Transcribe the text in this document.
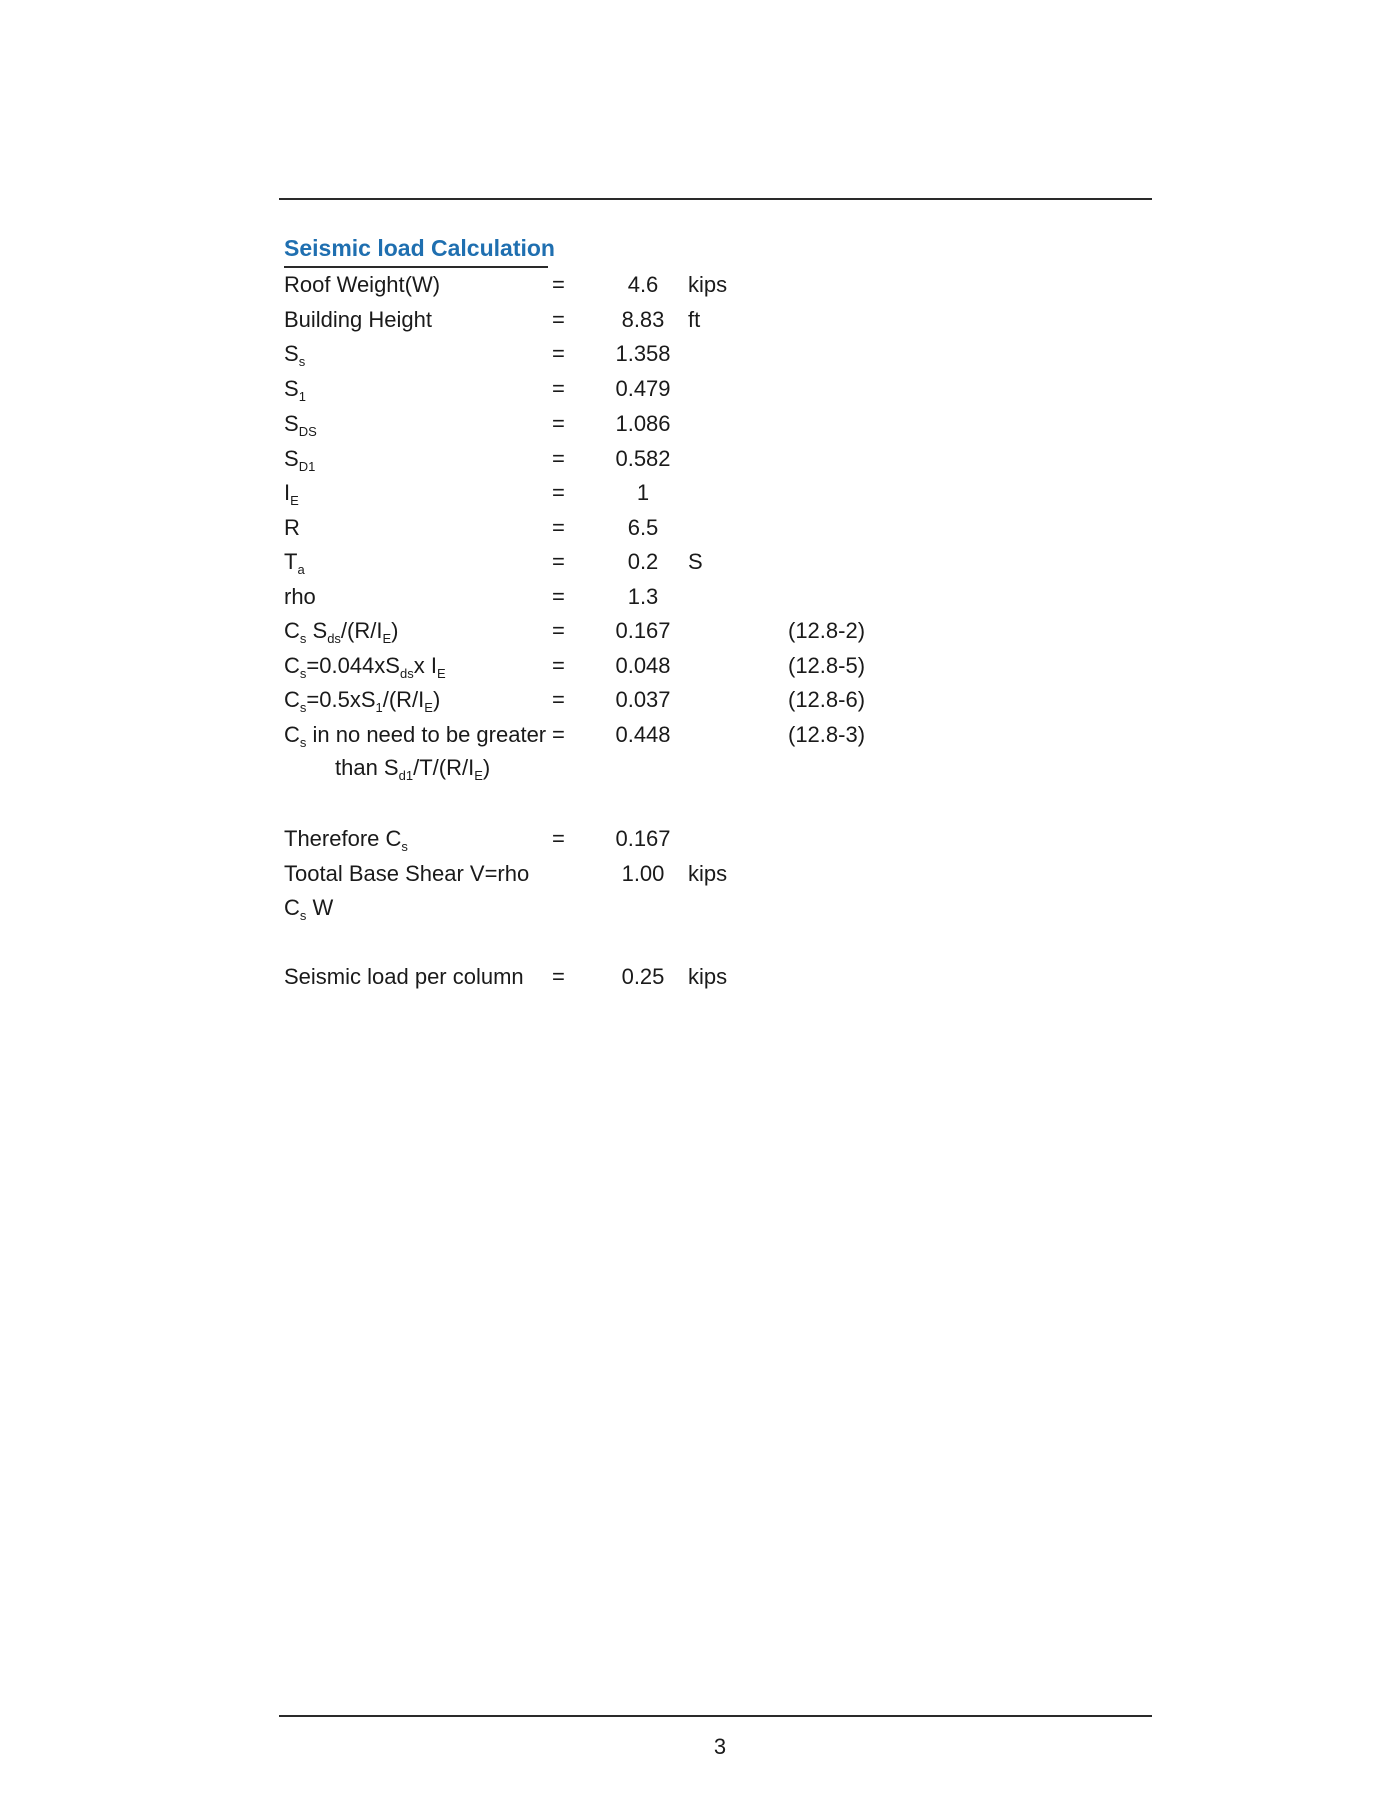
Seismic load Calculation
Roof Weight(W)	=	4.6	kips
Building Height	=	8.83	ft
$S_s$	=	1.358
$S_1$	=	0.479
$S_{DS}$	=	1.086
$S_{D1}$	=	0.582
$I_E$	=	1
R	=	6.5
$T_a$	=	0.2	S
rho	=	1.3
$C_s$ $S_{ds}/(R/I_E)$	=	0.167	(12.8-2)
$C_s=0.044xS_{ds}x$ $I_E$	=	0.048	(12.8-5)
$C_s=0.5xS_1/(R/I_E)$	=	0.037	(12.8-6)
$C_s$ in no need to be greater =	0.448	(12.8-3)
than $S_{d1}/T/(R/I_E)$
Therefore $C_s$	=	0.167
Tootal Base Shear V=rho	1.00	kips
$C_s$ W
Seismic load per column =	0.25	kips
3
